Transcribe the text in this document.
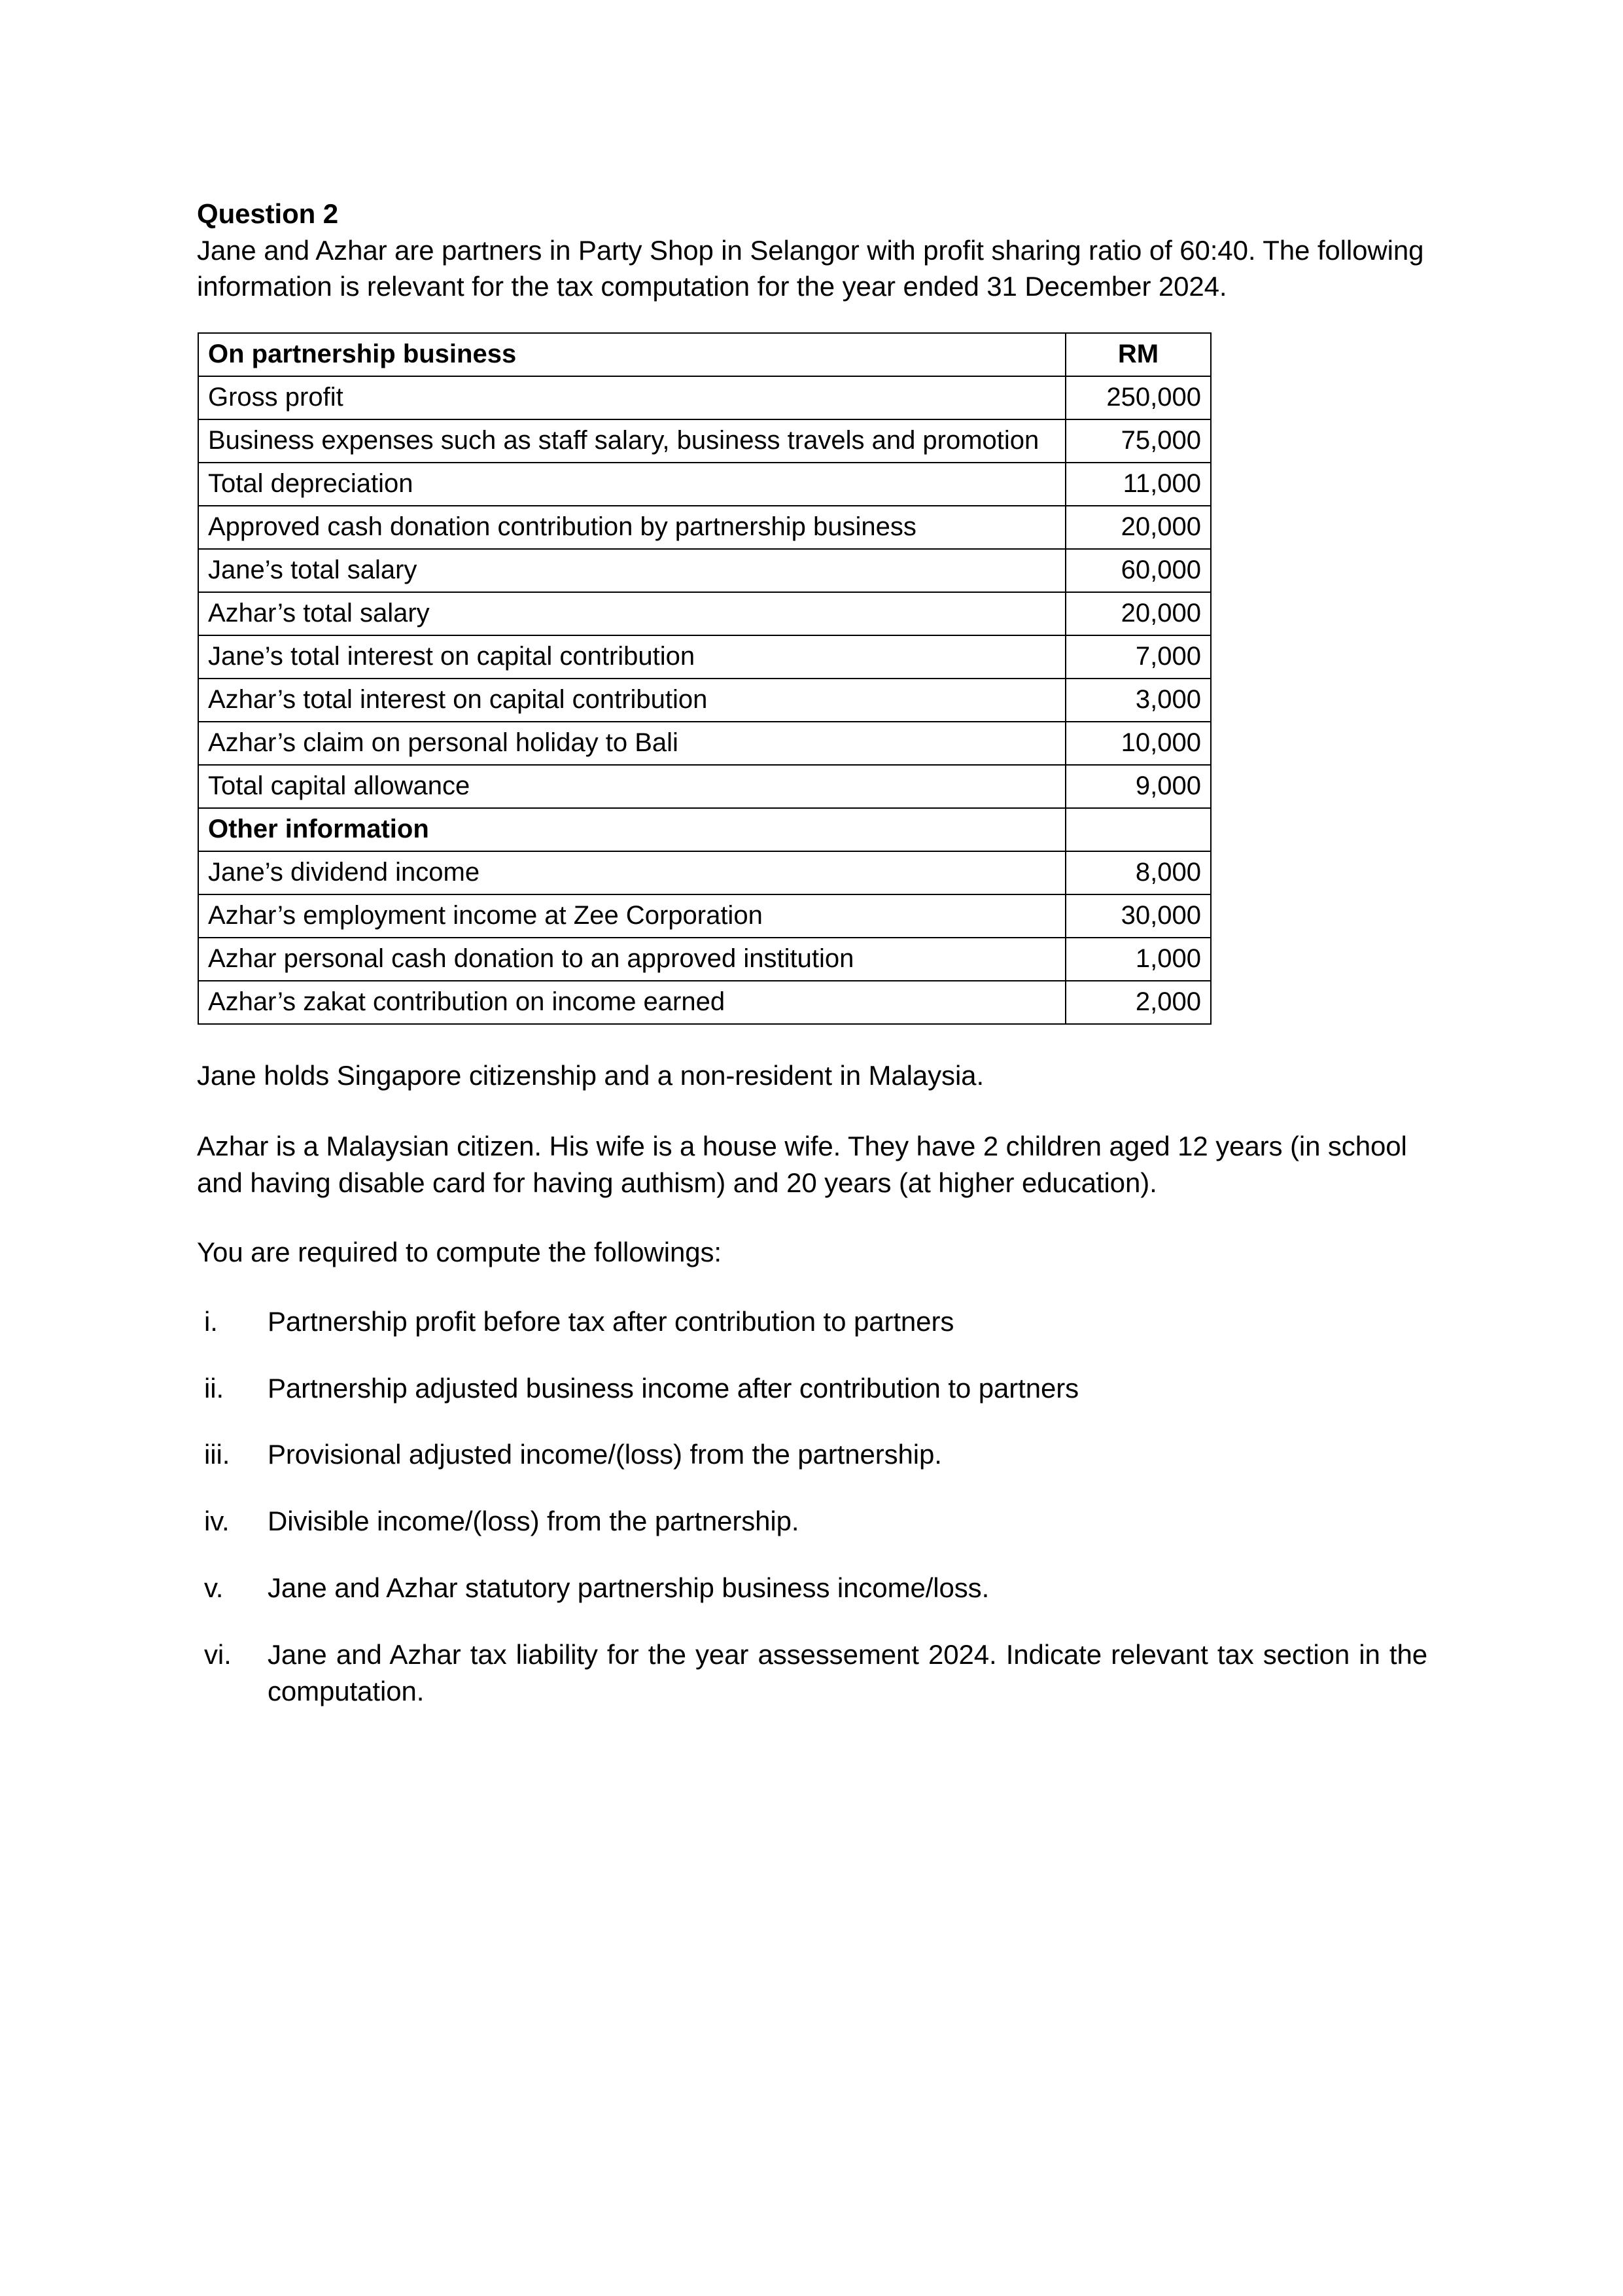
Question 2

Jane and Azhar are partners in Party Shop in Selangor with profit sharing ratio of 60:40. The following information is relevant for the tax computation for the year ended 31 December 2024.

On partnership business	RM
Gross profit	250,000
Business expenses such as staff salary, business travels and promotion	75,000
Total depreciation	11,000
Approved cash donation contribution by partnership business	20,000
Jane’s total salary	60,000
Azhar’s total salary	20,000
Jane’s total interest on capital contribution	7,000
Azhar’s total interest on capital contribution	3,000
Azhar’s claim on personal holiday to Bali	10,000
Total capital allowance	9,000
Other information	
Jane’s dividend income	8,000
Azhar’s employment income at Zee Corporation	30,000
Azhar personal cash donation to an approved institution	1,000
Azhar’s zakat contribution on income earned	2,000

Jane holds Singapore citizenship and a non-resident in Malaysia.

Azhar is a Malaysian citizen. His wife is a house wife. They have 2 children aged 12 years (in school and having disable card for having authism) and 20 years (at higher education).

You are required to compute the followings:

i.	Partnership profit before tax after contribution to partners
ii.	Partnership adjusted business income after contribution to partners
iii.	Provisional adjusted income/(loss) from the partnership.
iv.	Divisible income/(loss) from the partnership.
v.	Jane and Azhar statutory partnership business income/loss.
vi.	Jane and Azhar tax liability for the year assessement 2024. Indicate relevant tax section in the computation.
